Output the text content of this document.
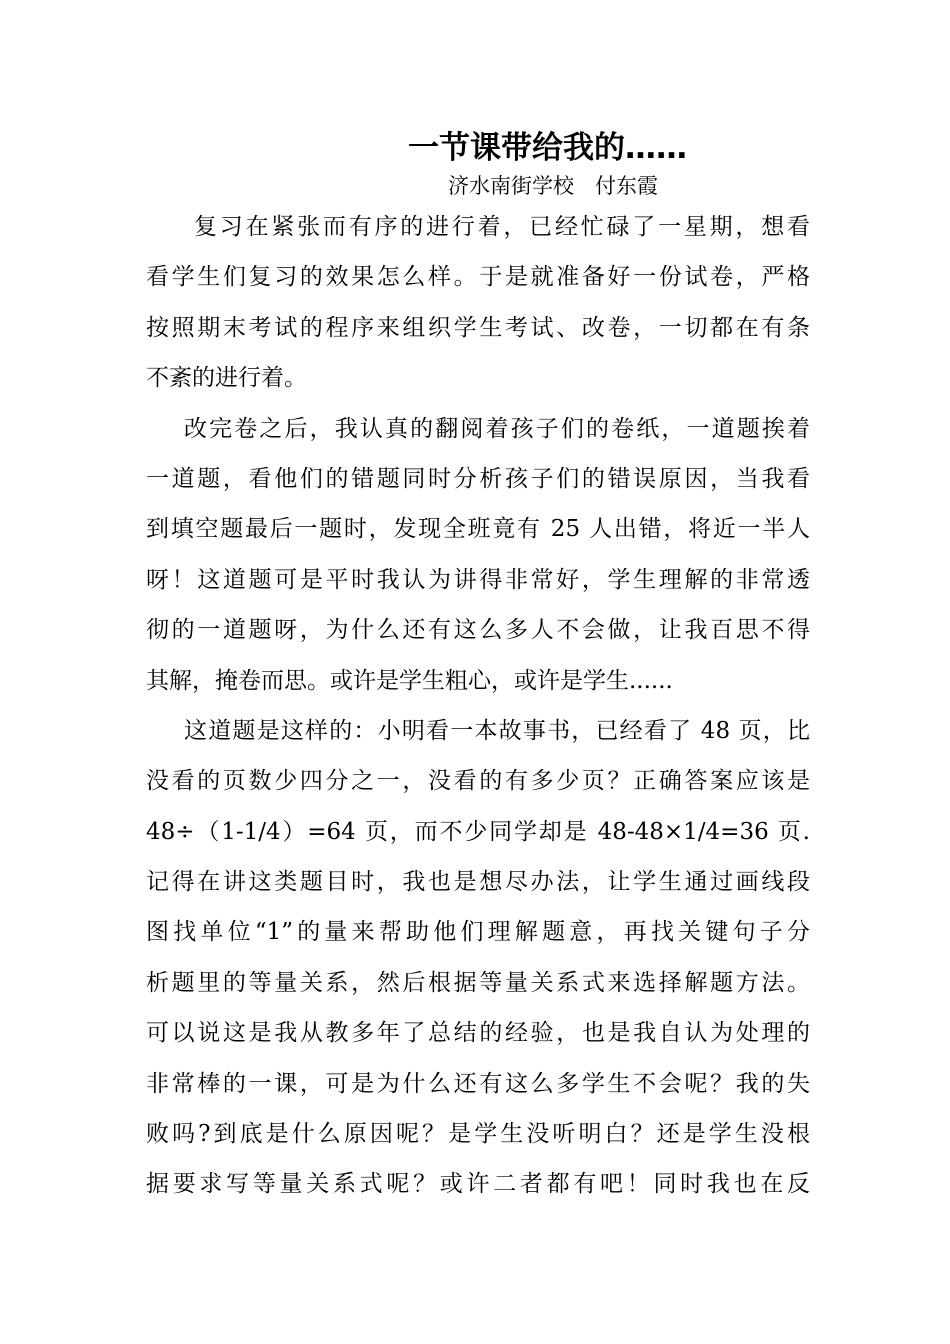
一节课带给我的……

济水南街学校　付东霞

复习在紧张而有序的进行着，已经忙碌了一星期，想看
看学生们复习的效果怎么样。于是就准备好一份试卷，严格
按照期末考试的程序来组织学生考试、改卷，一切都在有条
不紊的进行着。
改完卷之后，我认真的翻阅着孩子们的卷纸，一道题挨着
一道题，看他们的错题同时分析孩子们的错误原因，当我看
到填空题最后一题时，发现全班竟有 25 人出错，将近一半人
呀！这道题可是平时我认为讲得非常好，学生理解的非常透
彻的一道题呀，为什么还有这么多人不会做，让我百思不得
其解，掩卷而思。或许是学生粗心，或许是学生......
这道题是这样的：小明看一本故事书，已经看了 48 页，比
没看的页数少四分之一，没看的有多少页？正确答案应该是
48÷（1-1/4）=64 页，而不少同学却是 48-48×1/4=36 页.
记得在讲这类题目时，我也是想尽办法，让学生通过画线段
图找单位“1”的量来帮助他们理解题意，再找关键句子分
析题里的等量关系，然后根据等量关系式来选择解题方法。
可以说这是我从教多年了总结的经验，也是我自认为处理的
非常棒的一课，可是为什么还有这么多学生不会呢？我的失
败吗?到底是什么原因呢？是学生没听明白？还是学生没根
据要求写等量关系式呢？或许二者都有吧！同时我也在反
